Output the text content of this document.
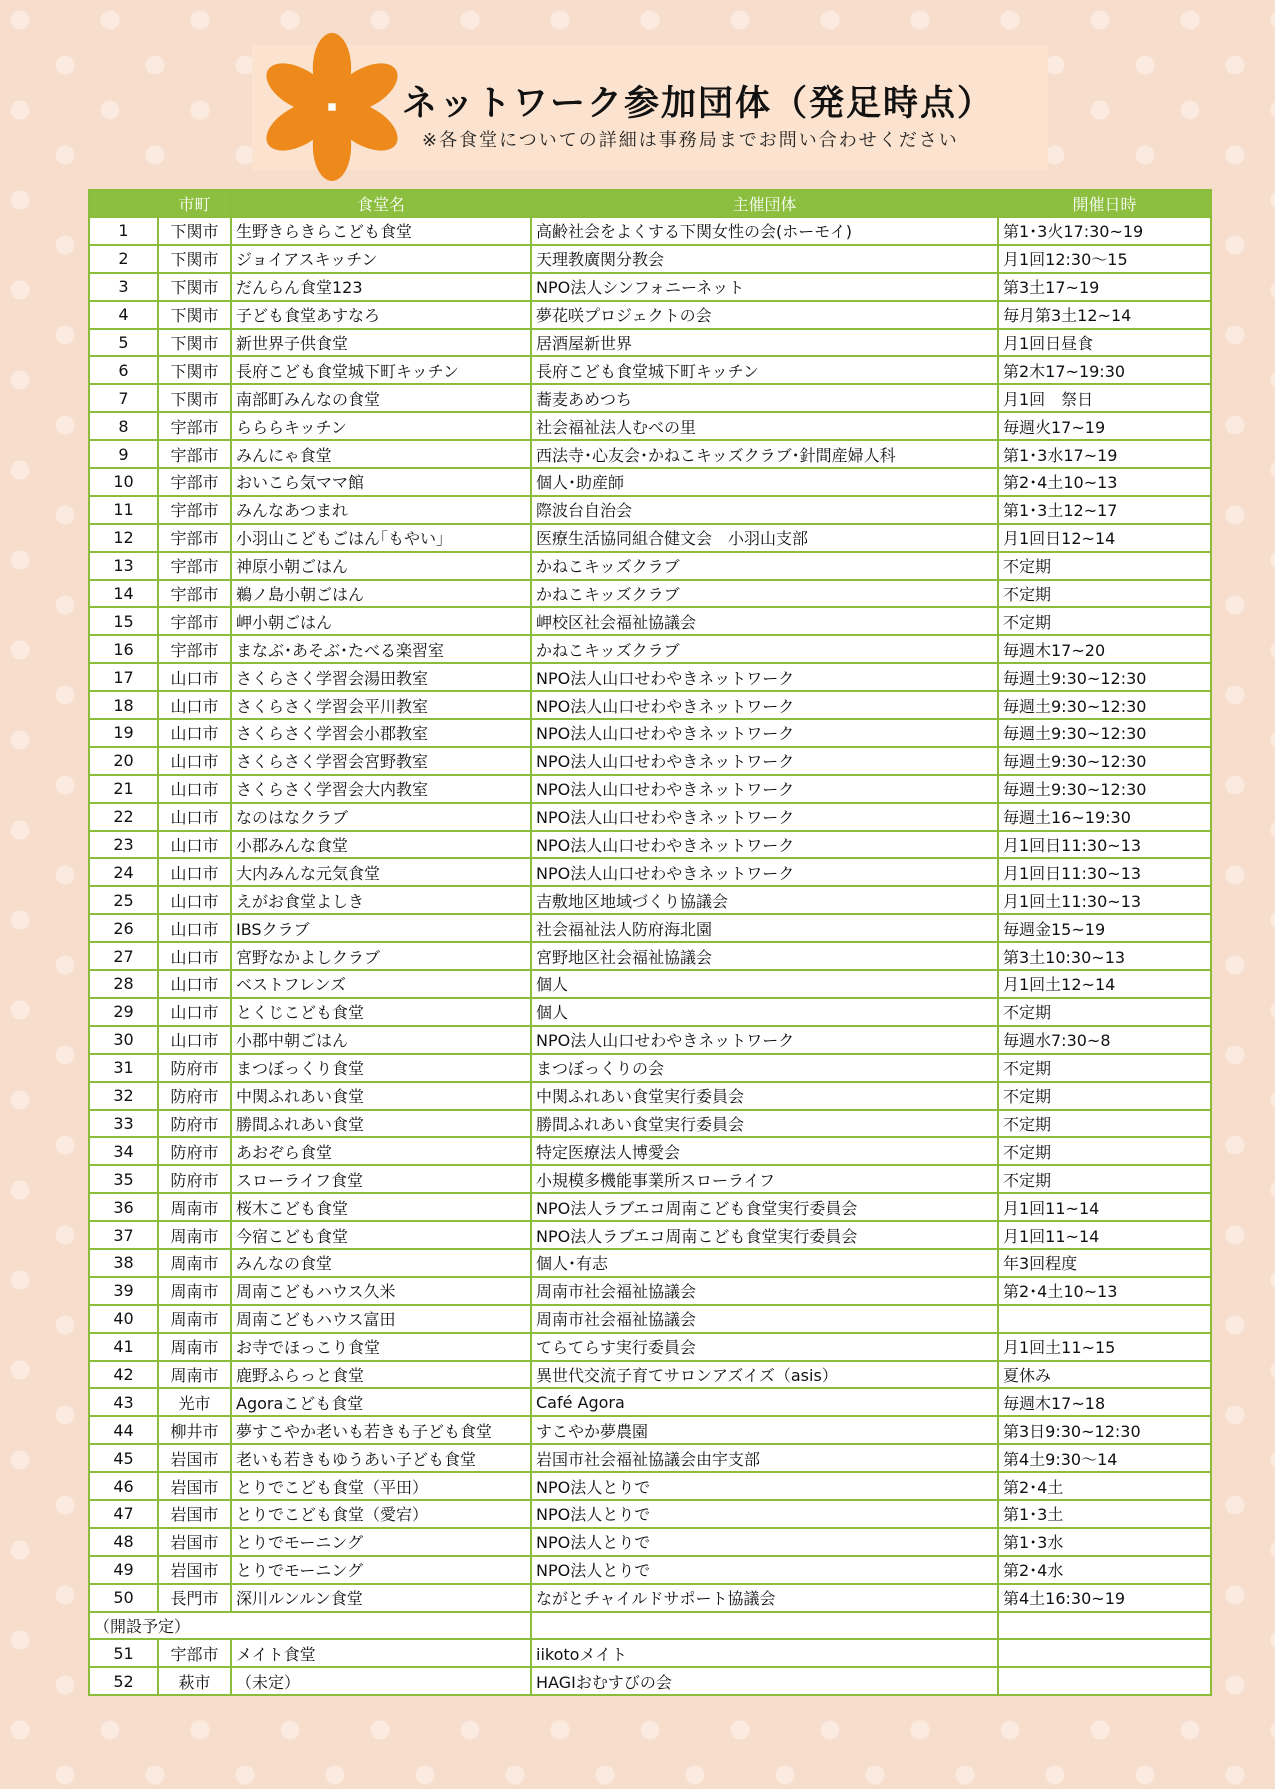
ネットワーク参加団体（発足時点）
※各食堂についての詳細は事務局までお問い合わせください
	市町	食堂名	主催団体	開催日時
1	下関市	生野きらきらこども食堂	高齢社会をよくする下関女性の会(ホーモイ)	第1･3火17:30~19
2	下関市	ジョイアスキッチン	天理教廣関分教会	月1回12:30～15
3	下関市	だんらん食堂123	NPO法人シンフォニーネット	第3土17~19
4	下関市	子ども食堂あすなろ	夢花咲プロジェクトの会	毎月第3土12~14
5	下関市	新世界子供食堂	居酒屋新世界	月1回日昼食
6	下関市	長府こども食堂城下町キッチン	長府こども食堂城下町キッチン	第2木17~19:30
7	下関市	南部町みんなの食堂	蕎麦あめつち	月1回　祭日
8	宇部市	らららキッチン	社会福祉法人むべの里	毎週火17~19
9	宇部市	みんにゃ食堂	西法寺･心友会･かねこキッズクラブ･針間産婦人科	第1･3水17~19
10	宇部市	おいこら気ママ館	個人･助産師	第2･4土10~13
11	宇部市	みんなあつまれ	際波台自治会	第1･3土12~17
12	宇部市	小羽山こどもごはん｢もやい｣	医療生活協同組合健文会　小羽山支部	月1回日12~14
13	宇部市	神原小朝ごはん	かねこキッズクラブ	不定期
14	宇部市	鵜ノ島小朝ごはん	かねこキッズクラブ	不定期
15	宇部市	岬小朝ごはん	岬校区社会福祉協議会	不定期
16	宇部市	まなぶ･あそぶ･たべる楽習室	かねこキッズクラブ	毎週木17~20
17	山口市	さくらさく学習会湯田教室	NPO法人山口せわやきネットワーク	毎週土9:30~12:30
18	山口市	さくらさく学習会平川教室	NPO法人山口せわやきネットワーク	毎週土9:30~12:30
19	山口市	さくらさく学習会小郡教室	NPO法人山口せわやきネットワーク	毎週土9:30~12:30
20	山口市	さくらさく学習会宮野教室	NPO法人山口せわやきネットワーク	毎週土9:30~12:30
21	山口市	さくらさく学習会大内教室	NPO法人山口せわやきネットワーク	毎週土9:30~12:30
22	山口市	なのはなクラブ	NPO法人山口せわやきネットワーク	毎週土16~19:30
23	山口市	小郡みんな食堂	NPO法人山口せわやきネットワーク	月1回日11:30~13
24	山口市	大内みんな元気食堂	NPO法人山口せわやきネットワーク	月1回日11:30~13
25	山口市	えがお食堂よしき	吉敷地区地域づくり協議会	月1回土11:30~13
26	山口市	IBSクラブ	社会福祉法人防府海北園	毎週金15~19
27	山口市	宮野なかよしクラブ	宮野地区社会福祉協議会	第3土10:30~13
28	山口市	ベストフレンズ	個人	月1回土12~14
29	山口市	とくじこども食堂	個人	不定期
30	山口市	小郡中朝ごはん	NPO法人山口せわやきネットワーク	毎週水7:30~8
31	防府市	まつぼっくり食堂	まつぼっくりの会	不定期
32	防府市	中関ふれあい食堂	中関ふれあい食堂実行委員会	不定期
33	防府市	勝間ふれあい食堂	勝間ふれあい食堂実行委員会	不定期
34	防府市	あおぞら食堂	特定医療法人博愛会	不定期
35	防府市	スローライフ食堂	小規模多機能事業所スローライフ	不定期
36	周南市	桜木こども食堂	NPO法人ラブエコ周南こども食堂実行委員会	月1回11~14
37	周南市	今宿こども食堂	NPO法人ラブエコ周南こども食堂実行委員会	月1回11~14
38	周南市	みんなの食堂	個人･有志	年3回程度
39	周南市	周南こどもハウス久米	周南市社会福祉協議会	第2･4土10~13
40	周南市	周南こどもハウス富田	周南市社会福祉協議会	
41	周南市	お寺でほっこり食堂	てらてらす実行委員会	月1回土11~15
42	周南市	鹿野ふらっと食堂	異世代交流子育てサロンアズイズ（asis）	夏休み
43	光市	Agoraこども食堂	Café Agora	毎週木17~18
44	柳井市	夢すこやか老いも若きも子ども食堂	すこやか夢農園	第3日9:30~12:30
45	岩国市	老いも若きもゆうあい子ども食堂	岩国市社会福祉協議会由宇支部	第4土9:30～14
46	岩国市	とりでこども食堂（平田）	NPO法人とりで	第2･4土
47	岩国市	とりでこども食堂（愛宕）	NPO法人とりで	第1･3土
48	岩国市	とりでモーニング	NPO法人とりで	第1･3水
49	岩国市	とりでモーニング	NPO法人とりで	第2･4水
50	長門市	深川ルンルン食堂	ながとチャイルドサポート協議会	第4土16:30~19
（開設予定）				
51	宇部市	メイト食堂	iikotoメイト	
52	萩市	（未定）	HAGIおむすびの会	
